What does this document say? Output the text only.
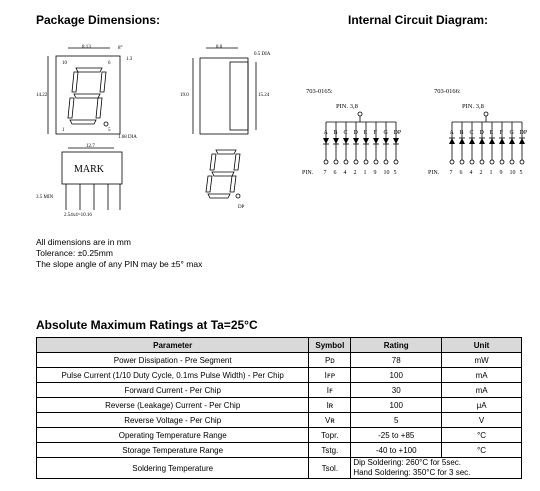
Package Dimensions:	Internal Circuit Diagram:
8.13	8°
1.3
14.22
10	6
1	5
1.68 DIA
8.0
0.5 DIA
19.0	15.24
12.7
MARK
3.5 MIN
2.54x4=10.16
DP
703-0165:	703-0166:
PIN. 3,8
A
7
B
6
C
4
D
2
E
1
F
9
G
10
DP
5
PIN.
PIN. 3,8
A
7
B
6
C
4
D
2
E
1
F
9
G
10
DP
5
PIN.
All dimensions are in mm
Tolerance: ±0.25mm
The slope angle of any PIN may be ±5° max
Absolute Maximum Ratings at Ta=25°C
Parameter	Symbol	Rating	Unit
Power Dissipation - Pre Segment	Pᴅ	78	mW
Pulse Current (1/10 Duty Cycle, 0.1ms Pulse Width) - Per Chip	Iꜰᴘ	100	mA
Forward Current - Per Chip	Iꜰ	30	mA
Reverse (Leakage) Current - Per Chip	Iʀ	100	μA
Reverse Voltage - Per Chip	Vʀ	5	V
Operating Temperature Range	Topr.	-25 to +85	°C
Storage Temperature Range	Tstg.	-40 to +100	°C
Soldering Temperature	Tsol.	Dip Soldering: 260°C for 5sec.
Hand Soldering: 350°C for 3 sec.	
